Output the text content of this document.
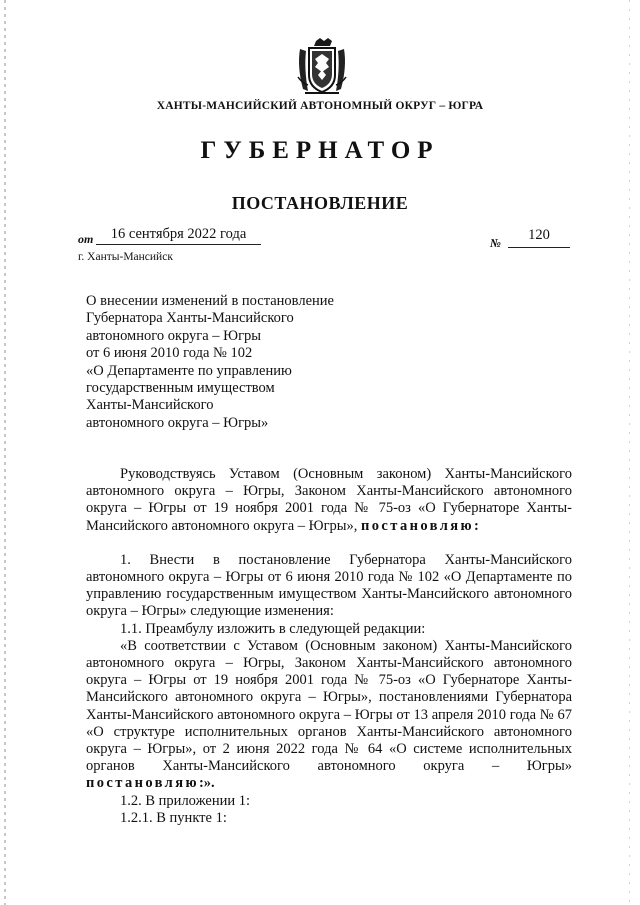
ХАНТЫ-МАНСИЙСКИЙ АВТОНОМНЫЙ ОКРУГ – ЮГРА
ГУБЕРНАТОР
ПОСТАНОВЛЕНИЕ
от	16 сентября 2022 года
№	120
г. Ханты-Мансийск
О внесении изменений в постановление
Губернатора Ханты-Мансийского
автономного округа – Югры
от 6 июня 2010 года № 102
«О Департаменте по управлению
государственным имуществом
Ханты-Мансийского
автономного округа – Югры»
Руководствуясь Уставом (Основным законом) Ханты-Мансийского автономного округа – Югры, Законом Ханты-Мансийского автономного округа – Югры от 19 ноября 2001 года № 75-оз «О Губернаторе Ханты-Мансийского автономного округа – Югры», постановляю:
1. Внести в постановление Губернатора Ханты-Мансийского автономного округа – Югры от 6 июня 2010 года № 102 «О Департаменте по управлению государственным имуществом Ханты-Мансийского автономного округа – Югры» следующие изменения:
1.1. Преамбулу изложить в следующей редакции:
«В соответствии с Уставом (Основным законом) Ханты-Мансийского автономного округа – Югры, Законом Ханты-Мансийского автономного округа – Югры от 19 ноября 2001 года № 75-оз «О Губернаторе Ханты-Мансийского автономного округа – Югры», постановлениями Губернатора Ханты-Мансийского автономного округа – Югры от 13 апреля 2010 года № 67 «О структуре исполнительных органов Ханты-Мансийского автономного округа – Югры», от 2 июня 2022 года № 64 «О системе исполнительных органов Ханты-Мансийского автономного округа – Югры» постановляю:».
1.2. В приложении 1:
1.2.1. В пункте 1:
